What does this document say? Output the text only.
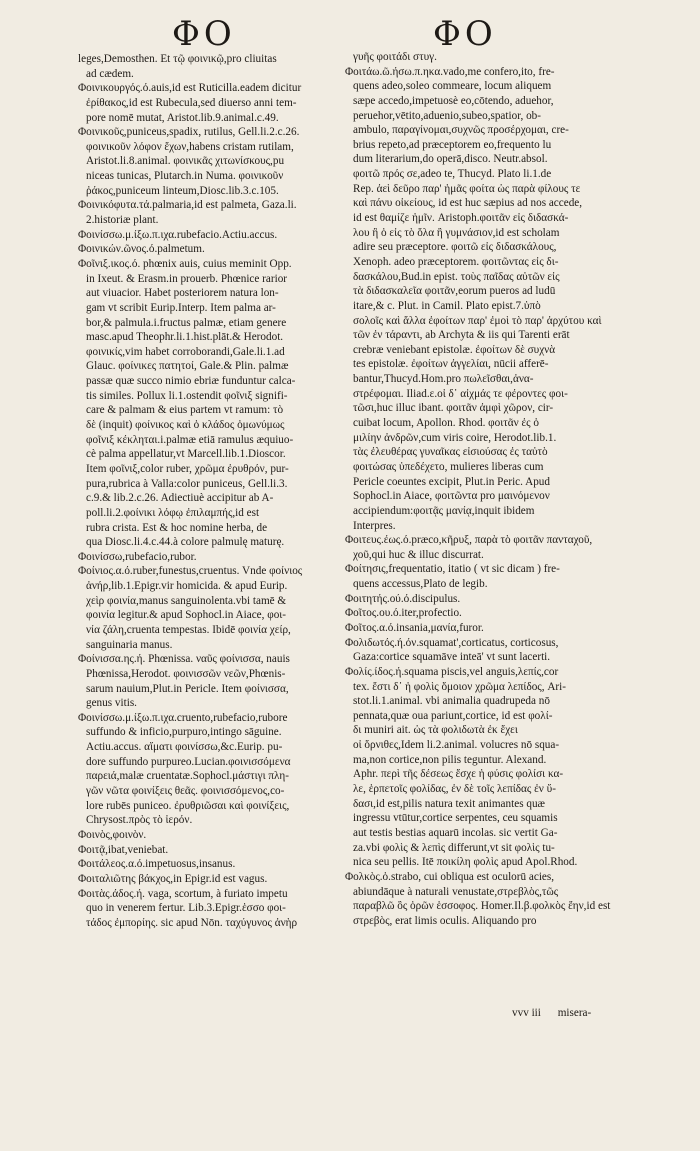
ΦΟ	ΦΟ
leges,Demosthen. Et τῷ φοινικῷ,pro cliuitas
ad cædem.
Φοινικουργός.ό.auis,id est Ruticilla.eadem dicitur
ἐρίθακος,id est Rubecula,sed diuerso anni tem-
pore nomē mutat, Aristot.lib.9.animal.c.49.
Φοινικοῦς,puniceus,spadix, rutilus, Gell.li.2.c.26.
φοινικοῦν λόφον ἔχων,habens cristam rutilam,
Aristot.li.8.animal. φοινικᾶς χιτωνίσκους,pu
niceas tunicas, Plutarch.in Numa. φοινικοῦν
ῥάκος,puniceum linteum,Diosc.lib.3.c.105.
Φοινικόφυτα.τά.palmaria,id est palmeta, Gaza.li.
2.historiæ plant.
Φοινίσσω.μ.ίξω.π.ιχα.rubefacio.Actiu.accus.
Φοινικών.ῶνος.ό.palmetum.
Φοῖνιξ.ικος.ό. phœnix auis, cuius meminit Opp.
in Ixeut. & Erasm.in prouerb. Phœnice rarior
aut viuacior. Habet posteriorem natura lon-
gam vt scribit Eurip.Interp. Item palma ar-
bor,& palmula.i.fructus palmæ, etiam genere
masc.apud Theophr.li.1.hist.plāt.& Herodot.
φοινικίς,vim habet corroborandi,Gale.li.1.ad
Glauc. φοίνικες πατητοί, Gale.& Plin. palmæ
passæ quæ succo nimio ebriæ funduntur calca-
tis similes. Pollux li.1.ostendit φοῖνιξ signifi-
care & palmam & eius partem vt ramum: τὸ
δὲ (inquit) φοίνικος καὶ ὁ κλάδος ὁμωνύμως
φοῖνιξ κέκληται.i.palmæ etiā ramulus æquiuo-
cè palma appellatur,vt Marcell.lib.1.Dioscor.
Item φοῖνιξ,color ruber, χρῶμα ἐρυθρόν, pur-
pura,rubrica à Valla:color puniceus, Gell.li.3.
c.9.& lib.2.c.26. Adiectiuè accipitur ab A-
poll.li.2.φοίνικι λόφῳ ἐπιλαμπής,id est
rubra crista. Est & hoc nomine herba, de
qua Diosc.li.4.c.44.à colore palmulę maturę.
Φοινίσσω,rubefacio,rubor.
Φοίνιος.α.ό.ruber,funestus,cruentus. Vnde φοίνιος
ἀνήρ,lib.1.Epigr.vir homicida. & apud Eurip.
χεὶρ φοινία,manus sanguinolenta.vbi tamē &
φοινία legitur.& apud Sophocl.in Aiace, φοι-
νία ζάλη,cruenta tempestas. Ibidē φοινία χείρ,
sanguinaria manus.
Φοίνισσα.ης.ή. Phœnissa. ναῦς φοίνισσα, nauis
Phœnissa,Herodot. φοινισσῶν νεῶν,Phœnis-
sarum nauium,Plut.in Pericle. Item φοίνισσα,
genus vitis.
Φοινίσσω.μ.ίξω.π.ιχα.cruento,rubefacio,rubore
suffundo & inficio,purpuro,intingo sāguine.
Actiu.accus. αἵματι φοινίσσω,&c.Eurip. pu-
dore suffundo purpureo.Lucian.φοινισσόμενα
παρειά,malæ cruentatæ.Sophocl.μάστιγι πλη-
γῶν νῶτα φοινίξεις θεᾶς. φοινισσόμενος,co-
lore rubēs puniceo. ἐρυθριῶσαι καὶ φοινίξεις,
Chrysost.πρὸς τὸ ἱερόν.
Φοινὸς,φοινὸν.
Φοιτᾷ,ibat,veniebat.
Φοιτάλεος.α.ό.impetuosus,insanus.
Φοιταλιῶτης βάκχος,in Epigr.id est vagus.
Φοιτὰς.άδος.ή. vaga, scortum, à furiato impetu
quo in venerem fertur. Lib.3.Epigr.ἑσσο φοι-
τάδος ἐμπορίης. sic apud Nōn. ταχύγυνος ἀνὴρ
γυῆς φοιτάδι στυγ.
Φοιτάω.ῶ.ήσω.π.ηκα.vado,me confero,ito, fre-
quens adeo,soleo commeare, locum aliquem
sæpe accedo,impetuosè eo,cōtendo, aduehor,
peruehor,vētito,adueniо,subeo,spatior, ob-
ambulo, παραγίνομαι,συχνῶς προσέρχομαι, cre-
brius repeto,ad præceptorem eo,frequento lu
dum literarium,do operā,disco. Neutr.absol.
φοιτῶ πρός σε,adeo te, Thucyd. Plato li.1.de
Rep. ἀεὶ δεῦρο παρ' ἡμᾶς φοίτα ὡς παρὰ φίλους τε
καὶ πάνυ οἰκείους, id est huc sæpius ad nos accede,
id est θαμίζε ἡμῖν. Aristoph.φοιτᾶν εἰς διδασκά-
λου ἢ ὁ εἰς τὸ ὅλα ἢ γυμνάσιον,id est scholam
adire seu præceptore. φοιτῶ εἰς διδασκάλους,
Xenoph. adeo præceptorem. φοιτῶντας εἰς δι-
δασκάλου,Bud.in epist. τοὺς παῖδας αὐτῶν εἰς
τὰ διδασκαλεῖα φοιτᾶν,eorum pueros ad ludū
itare,& c. Plut. in Camil. Plato epist.7.ὑπὸ
σολοῖς καὶ ἄλλα ἐφοίτων παρ' ἐμοὶ τὸ παρ' ἀρχύτου καὶ
τῶν ἐν τάραντι, ab Archyta & iis qui Tarenti erāt
crebræ veniebant epistolæ. ἐφοίτων δὲ συχνὰ
tes epistolæ. ἐφοίτων ἀγγελίαι, nūcii afferē-
bantur,Thucyd.Hom.pro πωλεῖσθαι,ἀνα-
στρέφομαι. Iliad.ε.οἱ δ᾽ αἰχμάς τε φέροντες φοι-
τῶσι,huc illuc ibant. φοιτᾶν ἀμφὶ χῶρον, cir-
cuibat locum, Apollon. Rhod. φοιτᾶν ἐς ὁ
μιλίην ἀνδρῶν,cum viris coire, Herodot.lib.1.
τὰς ἐλευθέρας γυναῖκας εἰσιούσας ἐς ταὐτὸ
φοιτώσας ὑπεδέχετο, mulieres liberas cum
Pericle coeuntes excipit, Plut.in Peric. Apud
Sophocl.in Aiace, φοιτῶντα pro μαινόμενον
accipiendum:φοιτᾷς μανίᾳ,inquit ibidem
Interpres.
Φοιτευς.έως.ό.præco,κῆρυξ, παρὰ τὸ φοιτᾶν πανταχοῦ,
χοῦ,qui huc & illuc discurrat.
Φοίτησις,frequentatio, itatio ( vt sic dicam ) fre-
quens accessus,Plato de legib.
Φοιτητής.ού.ό.discipulus.
Φοῖτος.ου.ό.iter,profectio.
Φοῖτος.α.ό.insania,μανία,furor.
Φολιδωτός.ή.όν.squamat',corticatus, corticosus,
Gaza:cortice squamāve inteā' vt sunt lacerti.
Φολίς.ίδος.ή.squama piscis,vel anguis,λεπίς,cor
tex. ἔστι δ᾽ ἡ φολὶς ὅμοιον χρῶμα λεπίδος, Ari-
stot.li.1.animal. vbi animalia quadrupeda nō
pennata,quæ oua pariunt,cortice, id est φολί-
δι muniri ait. ὡς τὰ φολιδωτὰ ἐκ ἔχει
οἱ ὄρνιθες,Idem li.2.animal. volucres nō squa-
ma,non cortice,non pilis teguntur. Alexand.
Aphr. περὶ τῆς δέσεως ἔσχε ἡ φύσις φολίσι κα-
λε, ἑρπετοῖς φολίδας, ἐν δὲ τοῖς λεπίδας ἐν ὕ-
δασι,id est,pilis natura texit animantes quæ
ingressu vtūtur,cortice serpentes, ceu squamis
aut testis bestias aquarū incolas. sic vertit Ga-
za.vbi φολὶς & λεπὶς differunt,vt sit φολὶς tu-
nica seu pellis. Itē ποικίλη φολὶς apud Apol.Rhod.
Φολκὸς.ὁ.strabo, cui obliqua est oculorū acies,
abiundāque à naturali venustate,στρεβλὸς,τῶς
παραβλῶ ὃς ὁρῶν ἑσσοφος. Homer.Il.β.φολκὸς ἔην,id est
στρεβὸς, erat limis oculis. Aliquando pro
vvv iii misera-
